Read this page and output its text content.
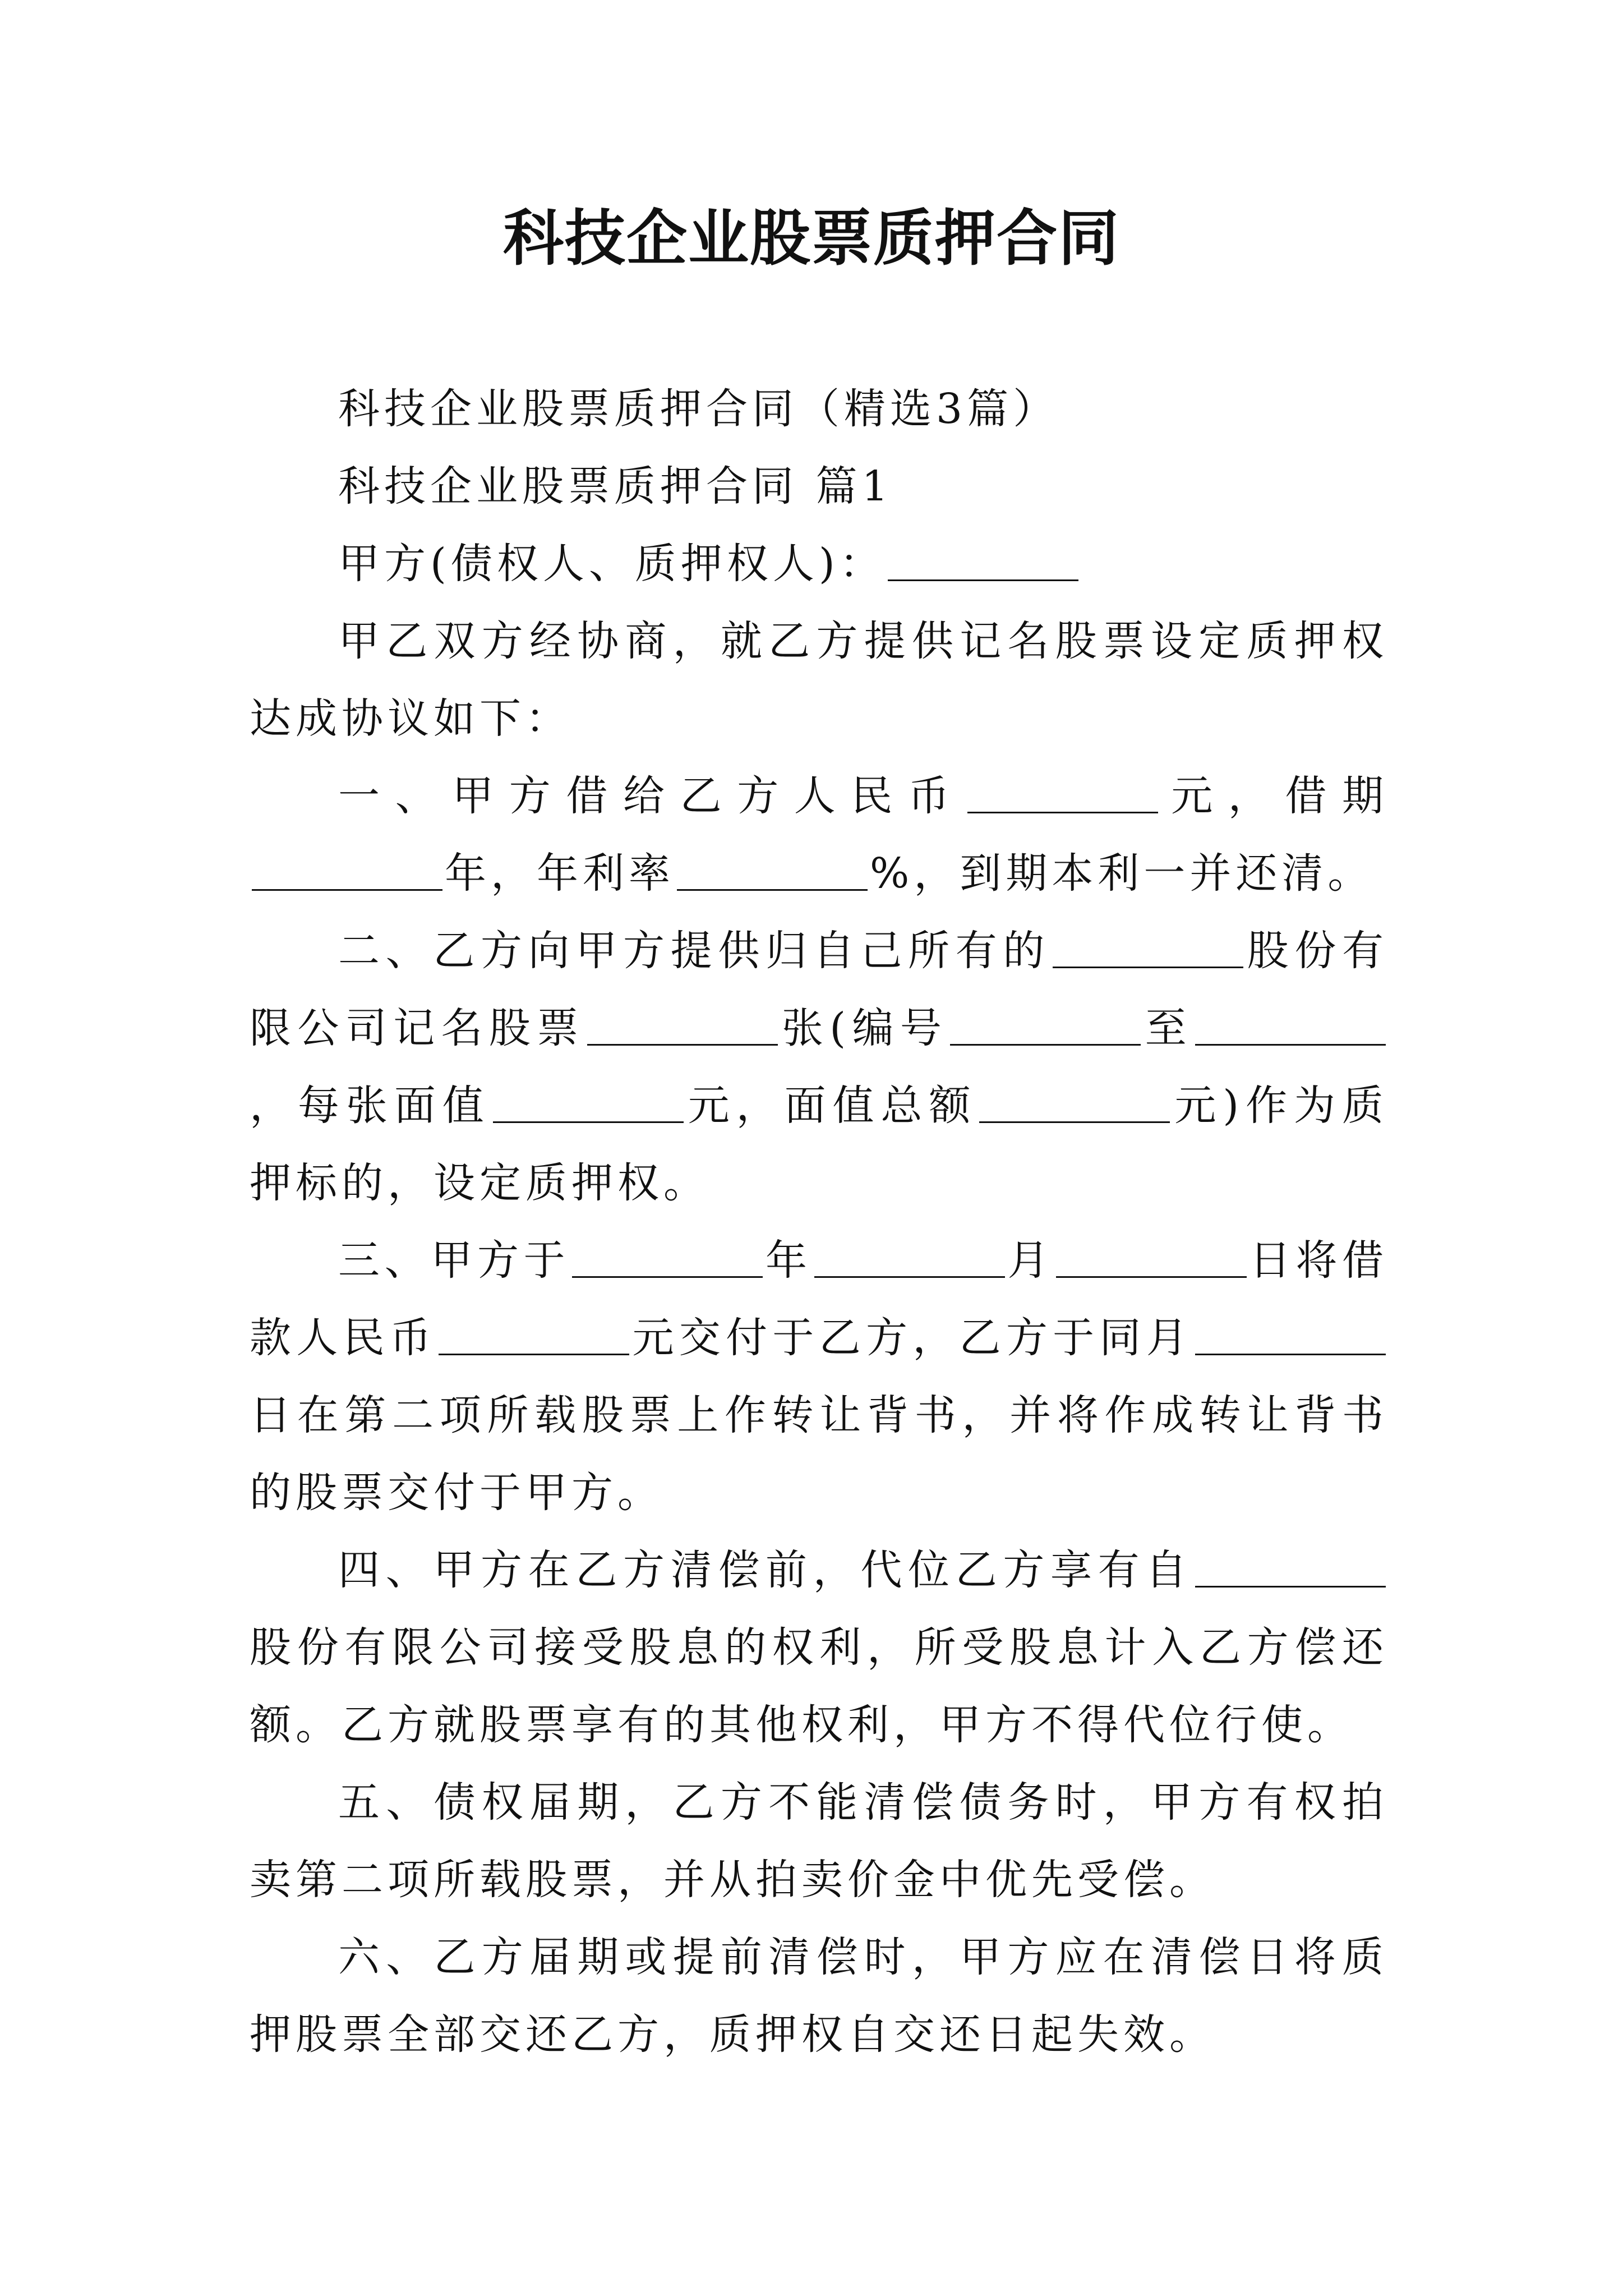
科技企业股票质押合同

科技企业股票质押合同（精选3篇）

科技企业股票质押合同 篇1

甲方(债权人、质押权人)：

甲乙双方经协商，就乙方提供记名股票设定质押权达成协议如下：

一、甲方借给乙方人民币	元，借期年，年利率	%，到期本利一并还清。

二、乙方向甲方提供归自己所有的	股份有限公司记名股票	张(编号	至，每张面值	元，面值总额	元)作为质押标的，设定质押权。

三、甲方于	年	月	日将借款人民币	元交付于乙方，乙方于同月日在第二项所载股票上作转让背书，并将作成转让背书的股票交付于甲方。

四、甲方在乙方清偿前，代位乙方享有自股份有限公司接受股息的权利，所受股息计入乙方偿还额。乙方就股票享有的其他权利，甲方不得代位行使。

五、债权届期，乙方不能清偿债务时，甲方有权拍卖第二项所载股票，并从拍卖价金中优先受偿。

六、乙方届期或提前清偿时，甲方应在清偿日将质押股票全部交还乙方，质押权自交还日起失效。
